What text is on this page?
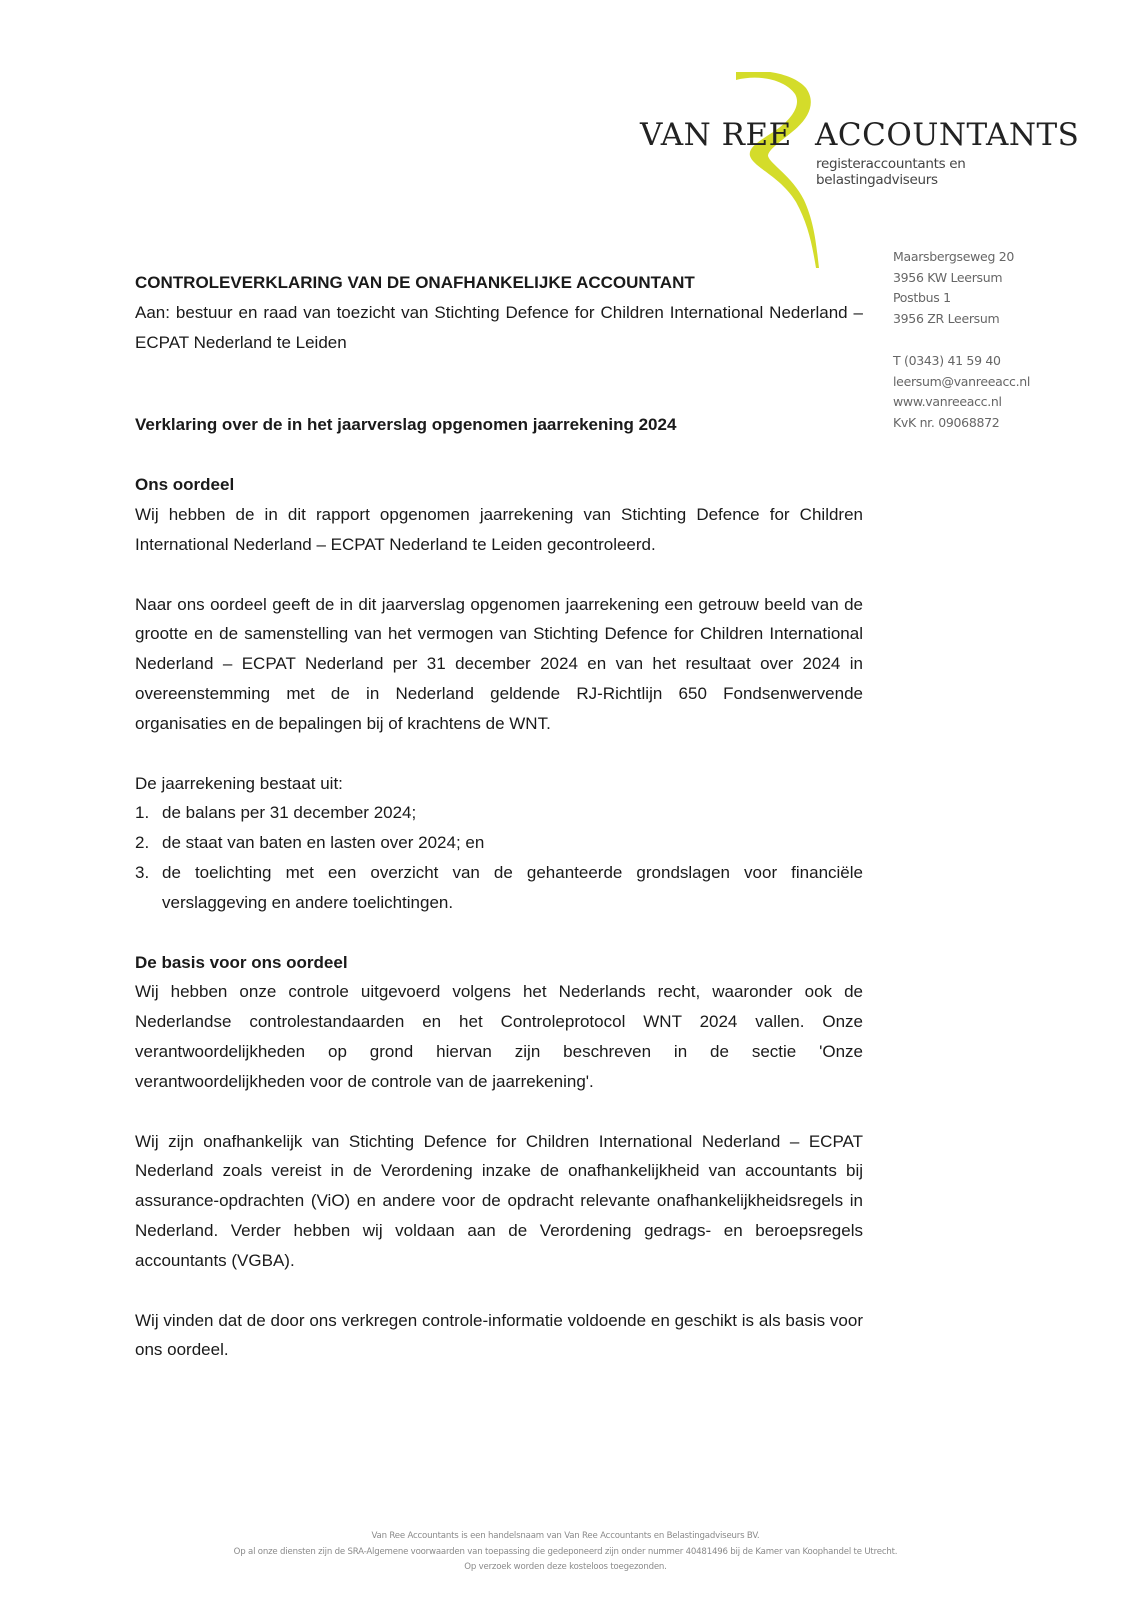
VAN REE ACCOUNTANTS
registeraccountants en belastingadviseurs
Maarsbergseweg 20
3956 KW Leersum
Postbus 1
3956 ZR Leersum
T (0343) 41 59 40
leersum@vanreeacc.nl
www.vanreeacc.nl
KvK nr. 09068872

CONTROLEVERKLARING VAN DE ONAFHANKELIJKE ACCOUNTANT

Aan: bestuur en raad van toezicht van Stichting Defence for Children International Nederland – ECPAT Nederland te Leiden

Verklaring over de in het jaarverslag opgenomen jaarrekening 2024

Ons oordeel

Wij hebben de in dit rapport opgenomen jaarrekening van Stichting Defence for Children International Nederland – ECPAT Nederland te Leiden gecontroleerd.

Naar ons oordeel geeft de in dit jaarverslag opgenomen jaarrekening een getrouw beeld van de grootte en de samenstelling van het vermogen van Stichting Defence for Children International Nederland – ECPAT Nederland per 31 december 2024 en van het resultaat over 2024 in overeenstemming met de in Nederland geldende RJ-Richtlijn 650 Fondsenwervende organisaties en de bepalingen bij of krachtens de WNT.

De jaarrekening bestaat uit:

1. de balans per 31 december 2024;
2. de staat van baten en lasten over 2024; en
3. de toelichting met een overzicht van de gehanteerde grondslagen voor financiële verslaggeving en andere toelichtingen.

De basis voor ons oordeel

Wij hebben onze controle uitgevoerd volgens het Nederlands recht, waaronder ook de Nederlandse controlestandaarden en het Controleprotocol WNT 2024 vallen. Onze verantwoordelijkheden op grond hiervan zijn beschreven in de sectie 'Onze verantwoordelijkheden voor de controle van de jaarrekening'.

Wij zijn onafhankelijk van Stichting Defence for Children International Nederland – ECPAT Nederland zoals vereist in de Verordening inzake de onafhankelijkheid van accountants bij assurance-opdrachten (ViO) en andere voor de opdracht relevante onafhankelijkheidsregels in Nederland. Verder hebben wij voldaan aan de Verordening gedrags- en beroepsregels accountants (VGBA).

Wij vinden dat de door ons verkregen controle-informatie voldoende en geschikt is als basis voor ons oordeel.

Van Ree Accountants is een handelsnaam van Van Ree Accountants en Belastingadviseurs BV.
Op al onze diensten zijn de SRA-Algemene voorwaarden van toepassing die gedeponeerd zijn onder nummer 40481496 bij de Kamer van Koophandel te Utrecht.
Op verzoek worden deze kosteloos toegezonden.
